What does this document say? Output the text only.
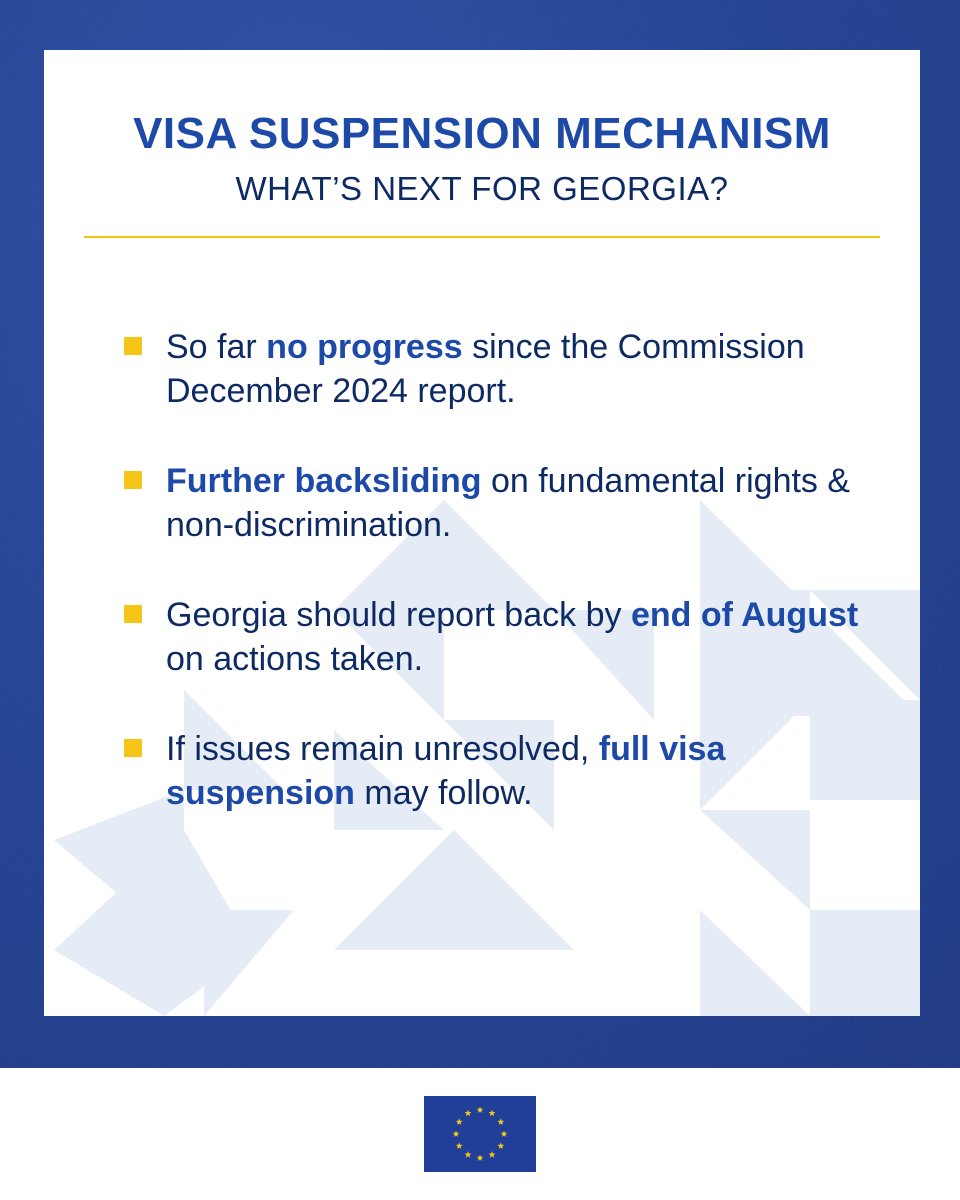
VISA SUSPENSION MECHANISM
WHAT’S NEXT FOR GEORGIA?
So far no progress since the Commission December 2024 report.
Further backsliding on fundamental rights & non-discrimination.
Georgia should report back by end of August on actions taken.
If issues remain unresolved, full visa suspension may follow.
